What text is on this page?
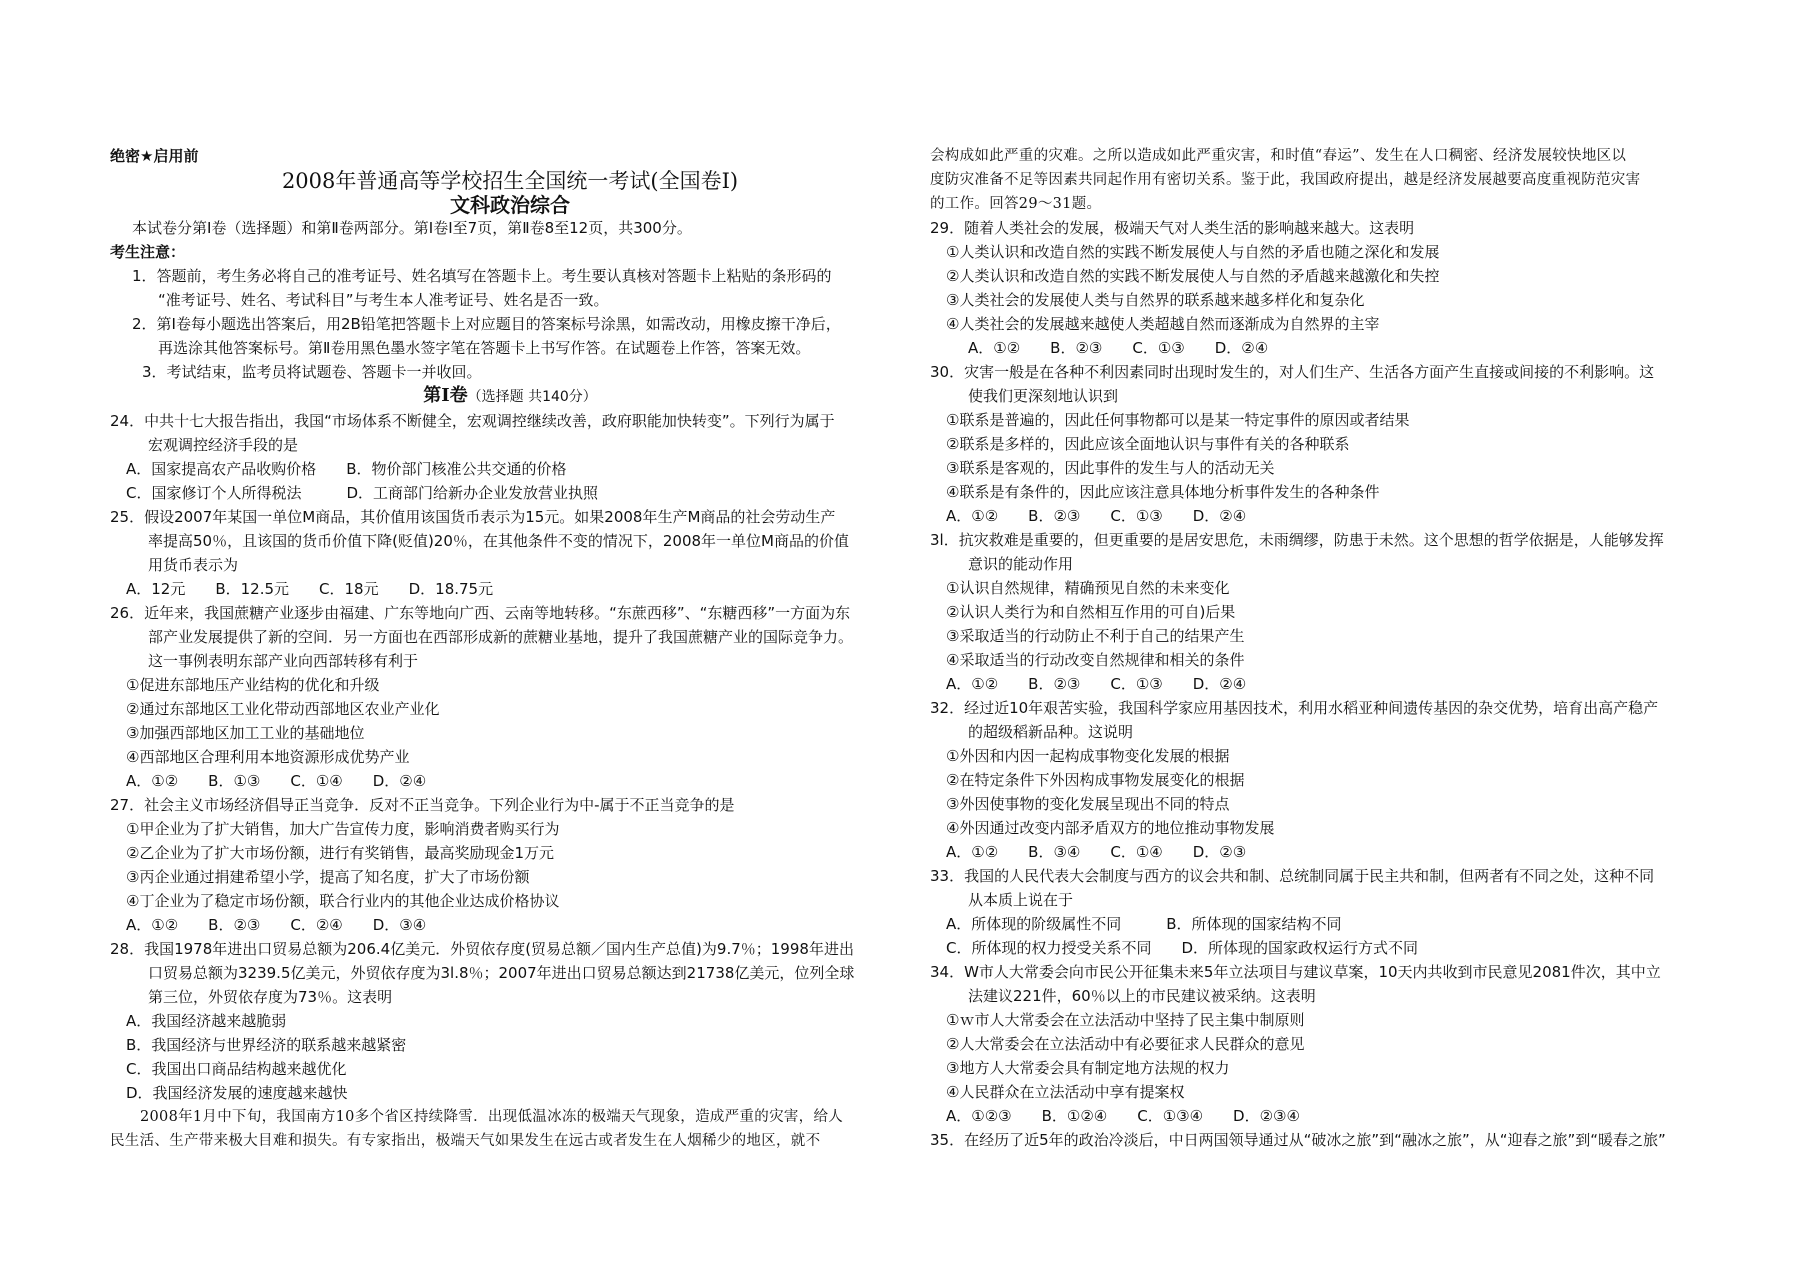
绝密★启用前
2008年普通高等学校招生全国统一考试(全国卷Ⅰ)
文科政治综合
本试卷分第Ⅰ卷（选择题）和第Ⅱ卷两部分。第Ⅰ卷Ⅰ至7页，第Ⅱ卷8至12页，共300分。
考生注意：
1．答题前，考生务必将自己的准考证号、姓名填写在答题卡上。考生要认真核对答题卡上粘贴的条形码的
“准考证号、姓名、考试科目”与考生本人准考证号、姓名是否一致。
2．第Ⅰ卷每小题选出答案后，用2B铅笔把答题卡上对应题目的答案标号涂黑，如需改动，用橡皮擦干净后，
再选涂其他答案标号。第Ⅱ卷用黑色墨水签字笔在答题卡上书写作答。在试题卷上作答，答案无效。
3．考试结束，监考员将试题卷、答题卡一并收回。
第Ⅰ卷（选择题 共140分）
24．中共十七大报告指出，我国“市场体系不断健全，宏观调控继续改善，政府职能加快转变”。下列行为属于
宏观调控经济手段的是
A．国家提高农产品收购价格　　B．物价部门核准公共交通的价格
C．国家修订个人所得税法　　　D．工商部门给新办企业发放营业执照
25．假设2007年某国一单位M商品，其价值用该国货币表示为15元。如果2008年生产M商品的社会劳动生产
率提高50％，且该国的货币价值下降(贬值)20％，在其他条件不变的情况下，2008年一单位M商品的价值
用货币表示为
A．12元　　B．12.5元　　C．18元　　D．18.75元
26．近年来，我国蔗糖产业逐步由福建、广东等地向广西、云南等地转移。“东蔗西移”、“东糖西移”一方面为东
部产业发展提供了新的空间．另一方面也在西部形成新的蔗糖业基地，提升了我国蔗糖产业的国际竞争力。
这一事例表明东部产业向西部转移有利于
①促进东部地压产业结构的优化和升级
②通过东部地区工业化带动西部地区农业产业化
③加强西部地区加工工业的基础地位
④西部地区合理利用本地资源形成优势产业
A．①②　　B．①③　　C．①④　　D．②④
27．社会主义市场经济倡导正当竞争．反对不正当竞争。下列企业行为中-属于不正当竞争的是
①甲企业为了扩大销售，加大广告宣传力度，影响消费者购买行为
②乙企业为了扩大市场份额，进行有奖销售，最高奖励现金1万元
③丙企业通过捐建希望小学，提高了知名度，扩大了市场份额
④丁企业为了稳定市场份额，联合行业内的其他企业达成价格协议
A．①②　　B．②③　　C．②④　　D．③④
28．我国1978年进出口贸易总额为206.4亿美元．外贸依存度(贸易总额／国内生产总值)为9.7％；1998年进出
口贸易总额为3239.5亿美元，外贸依存度为3l.8％；2007年进出口贸易总额达到21738亿美元，位列全球
第三位，外贸依存度为73％。这表明
A．我国经济越来越脆弱
B．我国经济与世界经济的联系越来越紧密
C．我国出口商品结构越来越优化
D．我国经济发展的速度越来越快
2008年1月中下旬，我国南方10多个省区持续降雪．出现低温冰冻的极端天气现象，造成严重的灾害，给人
民生活、生产带来极大目难和损失。有专家指出，极端天气如果发生在远古或者发生在人烟稀少的地区，就不
会构成如此严重的灾难。之所以造成如此严重灾害，和时值“春运”、发生在人口稠密、经济发展较快地区以
度防灾准备不足等因素共同起作用有密切关系。鉴于此，我国政府提出，越是经济发展越要高度重视防范灾害
的工作。回答29～31题。
29．随着人类社会的发展，极端天气对人类生活的影响越来越大。这表明
①人类认识和改造自然的实践不断发展使人与自然的矛盾也随之深化和发展
②人类认识和改造自然的实践不断发展使人与自然的矛盾越来越激化和失控
③人类社会的发展使人类与自然界的联系越来越多样化和复杂化
④人类社会的发展越来越使人类超越自然而逐渐成为自然界的主宰
A．①②　　B．②③　　C．①③　　D．②④
30．灾害一般是在各种不利因素同时出现时发生的，对人们生产、生活各方面产生直接或间接的不利影响。这
使我们更深刻地认识到
①联系是普遍的，因此任何事物都可以是某一特定事件的原因或者结果
②联系是多样的，因此应该全面地认识与事件有关的各种联系
③联系是客观的，因此事件的发生与人的活动无关
④联系是有条件的，因此应该注意具体地分析事件发生的各种条件
A．①②　　B．②③　　C．①③　　D．②④
3l．抗灾救难是重要的，但更重要的是居安思危，未雨绸缪，防患于未然。这个思想的哲学依据是，人能够发挥
意识的能动作用
①认识自然规律，精确预见自然的未来变化
②认识人类行为和自然相互作用的可自)后果
③采取适当的行动防止不利于自己的结果产生
④采取适当的行动改变自然规律和相关的条件
A．①②　　B．②③　　C．①③　　D．②④
32．经过近10年艰苦实验，我国科学家应用基因技术，利用水稻亚种间遗传基因的杂交优势，培育出高产稳产
的超级稻新品种。这说明
①外因和内因一起构成事物变化发展的根据
②在特定条件下外因构成事物发展变化的根据
③外因使事物的变化发展呈现出不同的特点
④外因通过改变内部矛盾双方的地位推动事物发展
A．①②　　B．③④　　C．①④　　D．②③
33．我国的人民代表大会制度与西方的议会共和制、总统制同属于民主共和制，但两者有不同之处，这种不同
从本质上说在于
A．所体现的阶级属性不同　　　B．所体现的国家结构不同
C．所体现的权力授受关系不同　　D．所体现的国家政权运行方式不同
34．W市人大常委会向市民公开征集未来5年立法项目与建议草案，10天内共收到市民意见2081件次，其中立
法建议221件，60％以上的市民建议被采纳。这表明
①ｗ市人大常委会在立法活动中坚持了民主集中制原则
②人大常委会在立法活动中有必要征求人民群众的意见
③地方人大常委会具有制定地方法规的权力
④人民群众在立法活动中享有提案权
A．①②③　　B．①②④　　C．①③④　　D．②③④
35．在经历了近5年的政治冷淡后，中日两国领导通过从“破冰之旅”到“融冰之旅”，从“迎春之旅”到“暖春之旅”
